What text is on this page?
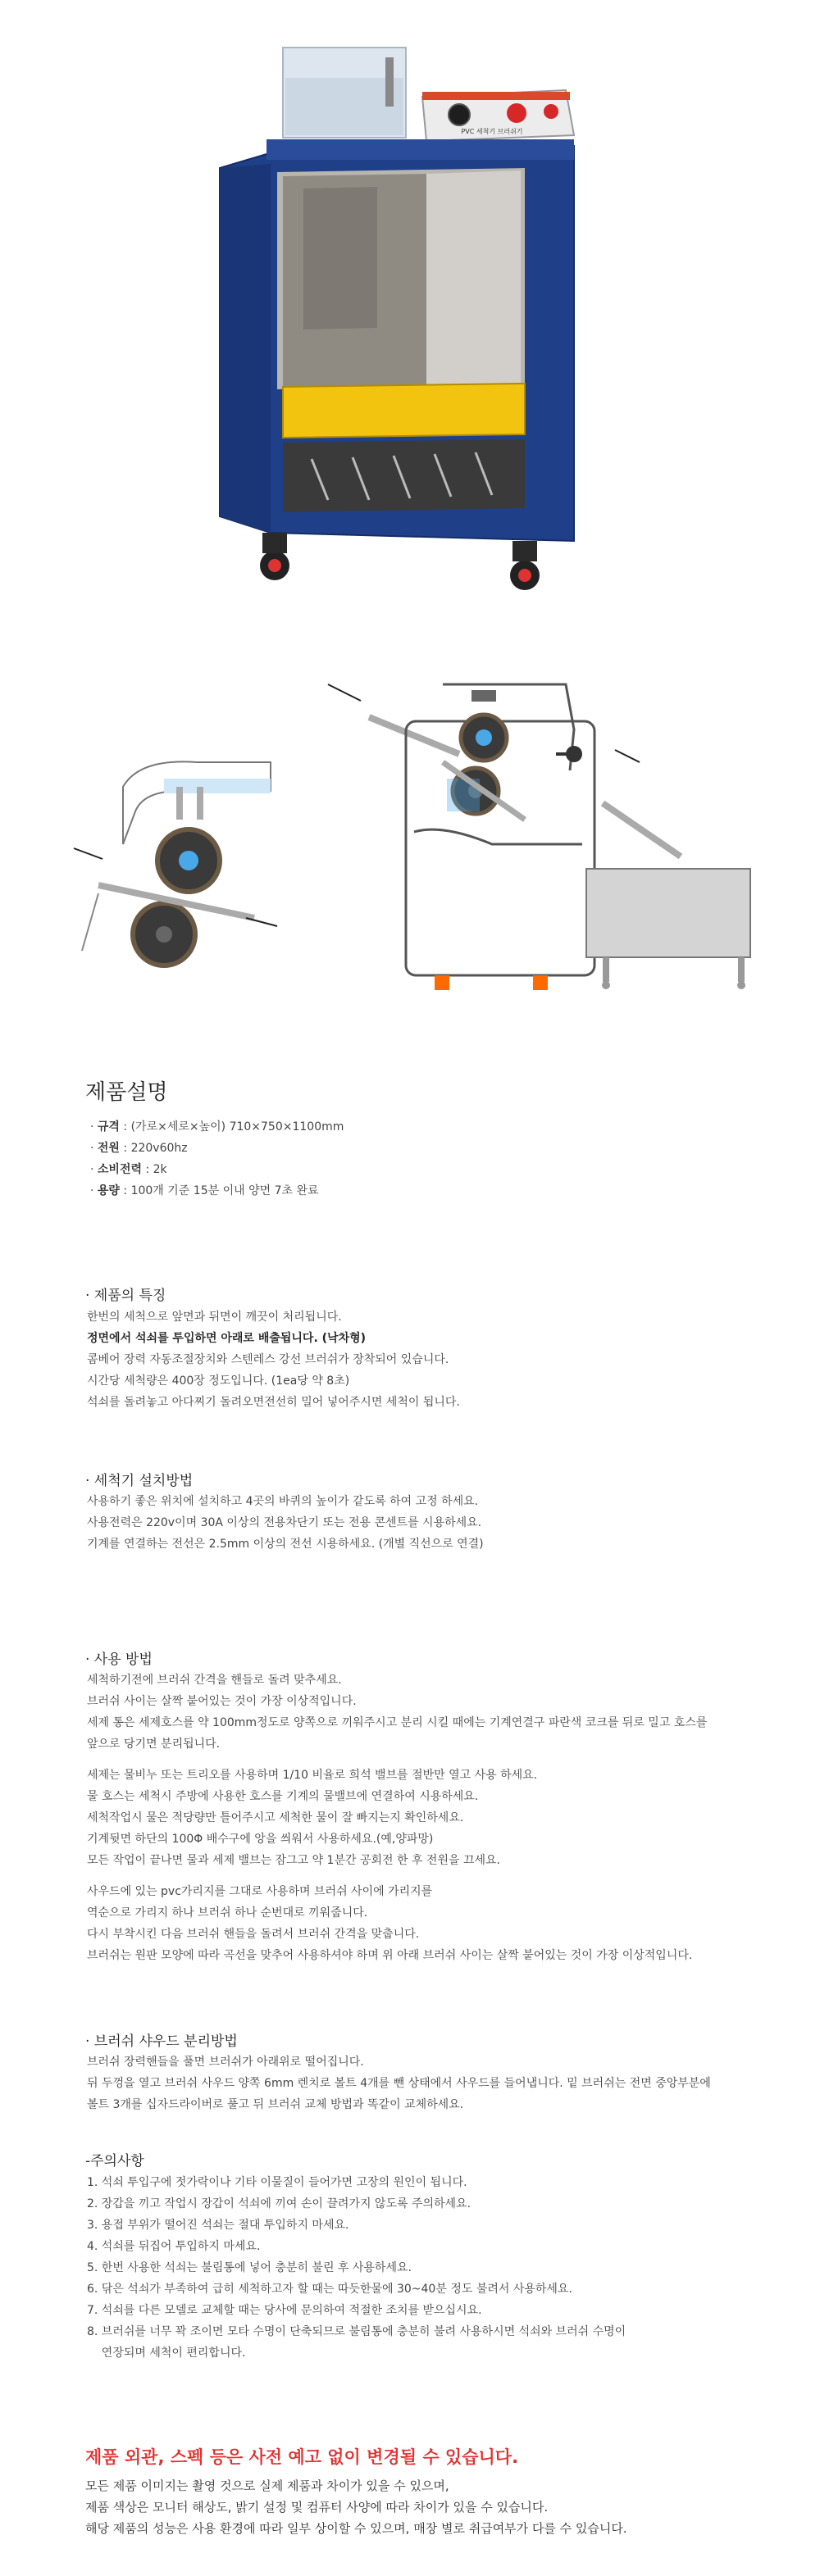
PVC 세척기 브러쉬기
제품설명
· 규격 : (가로×세로×높이) 710×750×1100mm
· 전원 : 220v60hz
· 소비전력 : 2k
· 용량 : 100개 기준 15분 이내 양면 7초 완료
· 제품의 특징

한번의 세척으로 앞면과 뒤면이 깨끗이 처리됩니다.

정면에서 석쇠를 투입하면 아래로 배출됩니다. (낙차형)

콤베어 장력 자동조절장치와 스텐레스 강선 브러쉬가 장착되어 있습니다.

시간당 세척량은 400장 정도입니다. (1ea당 약 8초)

석쇠를 돌려놓고 아다찌기 돌려오면전선히 밀어 넣어주시면 세척이 됩니다.

· 세척기 설치방법

사용하기 좋은 위치에 설치하고 4곳의 바퀴의 높이가 같도록 하여 고정 하세요.

사용전력은 220v이며 30A 이상의 전용차단기 또는 전용 콘센트를 시용하세요.

기계를 연결하는 전선은 2.5mm 이상의 전선 시용하세요. (개별 직선으로 연결)

· 사용 방법

세척하기전에 브러쉬 간격을 핸들로 돌려 맞추세요.

브러쉬 사이는 살짝 붙어있는 것이 가장 이상적입니다.

세제 통은 세제호스를 약 100mm정도로 양쪽으로 끼워주시고 분리 시킬 때에는 기계연결구 파란색 코크를 뒤로 밀고 호스를

앞으로 당기면 분리됩니다.

세제는 물비누 또는 트리오를 사용하며 1/10 비율로 희석 밸브를 절반만 열고 사용 하세요.

물 호스는 세척시 주방에 사용한 호스를 기계의 물밸브에 연결하여 시용하세요.

세척작업시 물은 적당량만 틀어주시고 세척한 물이 잘 빠지는지 확인하세요.

기계뒷면 하단의 100Φ 배수구에 앙을 씌워서 사용하세요.(예,양파망)

모든 작업이 끝나면 물과 세제 밸브는 잠그고 약 1분간 공회전 한 후 전원을 끄세요.

사우드에 있는 pvc가리지를 그대로 사용하며 브러쉬 사이에 가리지를

역순으로 가리지 하나 브러쉬 하나 순번대로 끼워줍니다.

다시 부착시킨 다음 브러쉬 핸들을 돌려서 브러쉬 간격을 맞춥니다.

브러쉬는 원판 모양에 따라 곡선을 맞추어 사용하셔야 하며 위 아래 브러쉬 사이는 살짝 붙어있는 것이 가장 이상적입니다.

· 브러쉬 샤우드 분리방법

브러쉬 장력핸들을 풀면 브러쉬가 아래위로 떨어집니다.

뒤 두껑을 열고 브러쉬 사우드 양쪽 6mm 렌치로 볼트 4개를 뺀 상태에서 사우드를 들어냅니다. 밑 브러쉬는 전면 중앙부분에

볼트 3개를 십자드라이버로 풀고 뒤 브러쉬 교체 방법과 똑같이 교체하세요.

-주의사항

1. 석쇠 투입구에 젓가락이나 기타 이물질이 들어가면 고장의 원인이 됩니다.

2. 장갑을 끼고 작업시 장갑이 석쇠에 끼여 손이 끌려가지 않도록 주의하세요.

3. 용접 부위가 떨어진 석쇠는 절대 투입하지 마세요.

4. 석쇠를 뒤집어 투입하지 마세요.

5. 한번 사용한 석쇠는 불림통에 넣어 충분히 불린 후 사용하세요.

6. 닦은 석쇠가 부족하여 급히 세척하고자 할 때는 따듯한물에 30~40분 정도 불려서 사용하세요.

7. 석쇠를 다른 모델로 교체할 때는 당사에 문의하여 적절한 조치를 받으십시요.

8. 브러쉬를 너무 꽉 조이면 모타 수명이 단축되므로 불림통에 충분히 불려 사용하시면 석쇠와 브러쉬 수명이

연장되며 세척이 편리합니다.

제품 외관, 스펙 등은 사전 예고 없이 변경될 수 있습니다.
모든 제품 이미지는 촬영 것으로 실제 제품과 차이가 있을 수 있으며,
제품 색상은 모니터 해상도, 밝기 설정 및 컴퓨터 사양에 따라 차이가 있을 수 있습니다.
해당 제품의 성능은 사용 환경에 따라 일부 상이할 수 있으며, 매장 별로 취급여부가 다를 수 있습니다.
